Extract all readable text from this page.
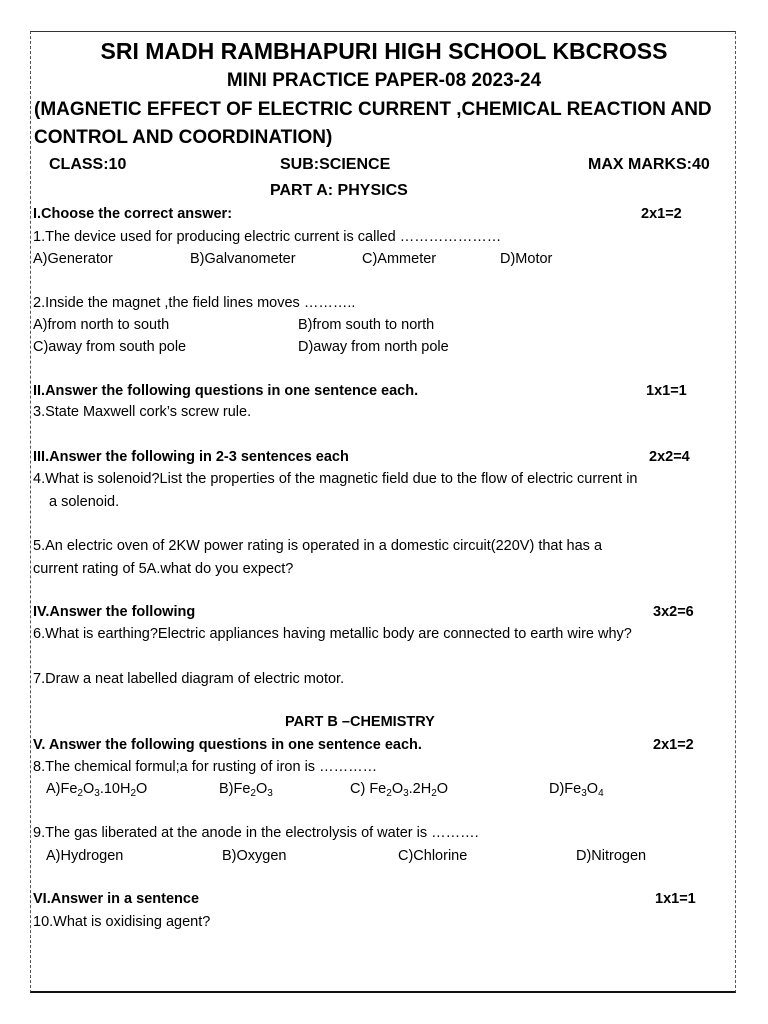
SRI MADH RAMBHAPURI HIGH SCHOOL KBCROSS
MINI PRACTICE PAPER-08 2023-24
(MAGNETIC EFFECT OF ELECTRIC CURRENT ,CHEMICAL REACTION AND
CONTROL AND COORDINATION)
CLASS:10	SUB:SCIENCE	MAX MARKS:40
PART A: PHYSICS
I.Choose the correct answer:	2x1=2
1.The device used for producing electric current is called …………………
A)Generator	B)Galvanometer	C)Ammeter	D)Motor
2.Inside the magnet ,the field lines moves ………..
A)from north to south	B)from south to north
C)away from south pole	D)away from north pole
II.Answer the following questions in one sentence each.	1x1=1
3.State Maxwell cork’s screw rule.
III.Answer the following in 2-3 sentences each	2x2=4
4.What is solenoid?List the properties of the magnetic field due to the flow of electric current in
a solenoid.
5.An electric oven of 2KW power rating is operated in a domestic circuit(220V) that has a
current rating of 5A.what do you expect?
IV.Answer the following	3x2=6
6.What is earthing?Electric appliances having metallic body are connected to earth wire why?
7.Draw a neat labelled diagram of electric motor.
PART B –CHEMISTRY
V. Answer the following questions in one sentence each.	2x1=2
8.The chemical formul;a for rusting of iron is …………
$A)Fe_2O_3.10H_2O$	$B)Fe_2O_3$	C) $Fe_2O_3.2H_2O$	$D)Fe_3O_4$
9.The gas liberated at the anode in the electrolysis of water is ……….
A)Hydrogen	B)Oxygen	C)Chlorine	D)Nitrogen
VI.Answer in a sentence	1x1=1
10.What is oxidising agent?
